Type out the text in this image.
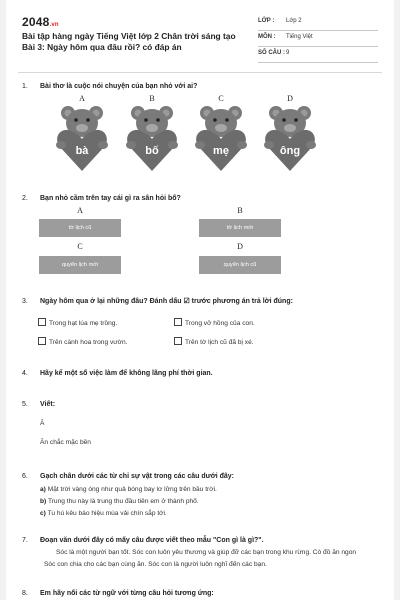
2048.vn
Bài tập hàng ngày Tiếng Việt lớp 2 Chân trời sáng tạo Bài 3: Ngày hôm qua đâu rồi? có đáp án
LỚP : Lớp 2
MÔN : Tiếng Việt
SỐ CÂU : 9
1. Bài thơ là cuộc nói chuyện của bạn nhỏ với ai?
A	B	C	D
bà	bố	mẹ	ông
2. Bạn nhỏ cầm trên tay cái gì ra sân hỏi bố?
A
tờ lịch cũ
B
tờ lịch mới
C
quyển lịch mới
D
quyển lịch cũ
3. Ngày hôm qua ở lại những đâu? Đánh dấu ☑ trước phương án trả lời đúng:
Trong hạt lúa mẹ trồng.	Trong vở hồng của con.
Trên cành hoa trong vườn.	Trên tờ lịch cũ đã bị xé.
4. Hãy kể một số việc làm để không lãng phí thời gian.
5. Viết:
Ă
Ăn chắc mặc bền
6. Gạch chân dưới các từ chỉ sự vật trong các câu dưới đây:
a) Mặt trời vàng óng như quả bóng bay lơ lửng trên bầu trời.
b) Trung thu này là trung thu đầu tiên em ở thành phố.
c) Tu hú kêu báo hiệu mùa vải chín sắp tới.
7. Đoạn văn dưới đây có mấy câu được viết theo mẫu "Con gì là gì?".
Sóc là một người bạn tốt. Sóc con luôn yêu thương và giúp đỡ các bạn trong khu rừng. Có đồ ăn ngon Sóc con chia cho các bạn cùng ăn. Sóc con là người luôn nghĩ đến các bạn.
8. Em hãy nối các từ ngữ với từng câu hỏi tương ứng:
